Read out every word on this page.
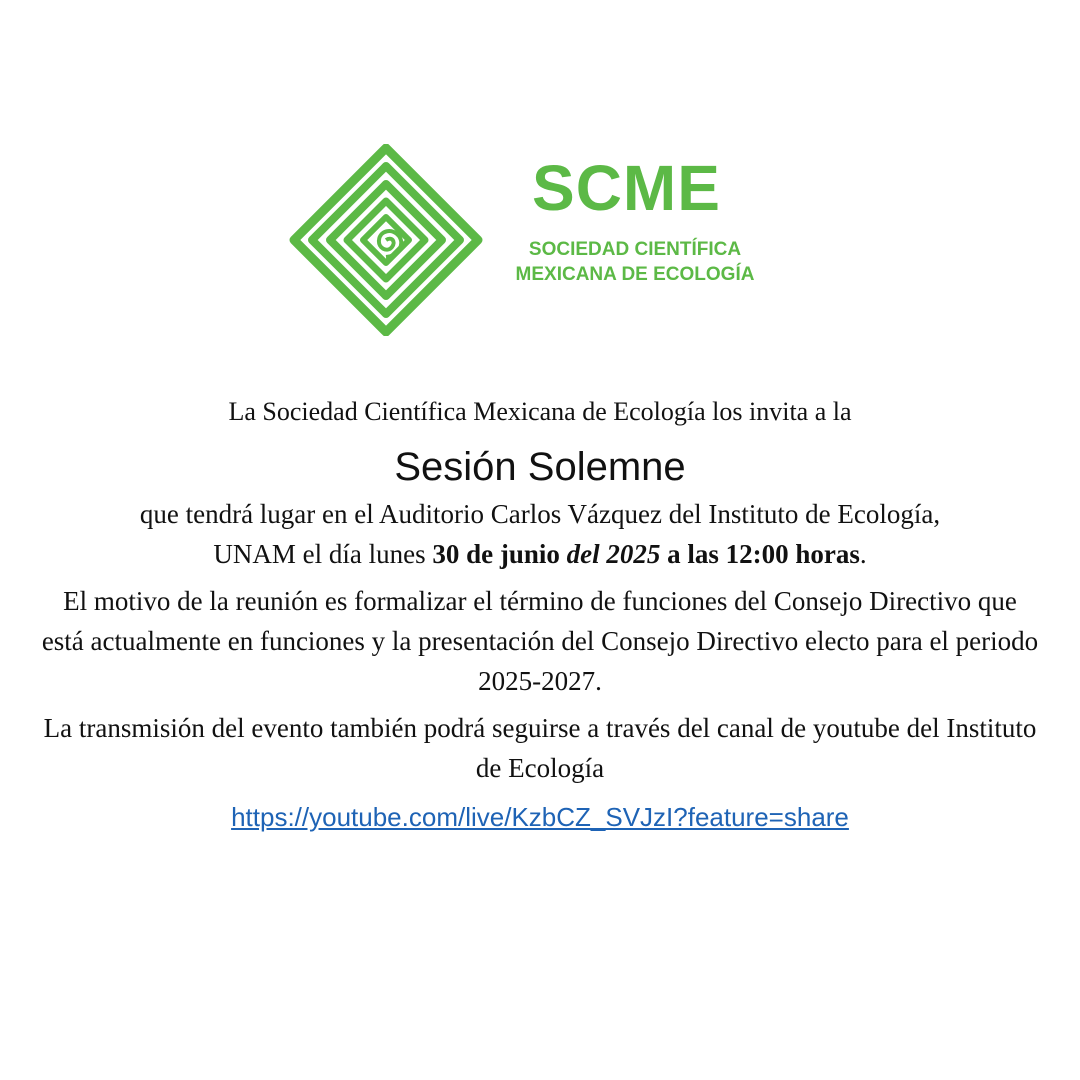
SCME
SOCIEDAD CIENTÍFICA
MEXICANA DE ECOLOGÍA

La Sociedad Científica Mexicana de Ecología los invita a la

Sesión Solemne

que tendrá lugar en el Auditorio Carlos Vázquez del Instituto de Ecología,
UNAM el día lunes 30 de junio del 2025 a las 12:00 horas.

El motivo de la reunión es formalizar el término de funciones del Consejo Directivo que está actualmente en funciones y la presentación del Consejo Directivo electo para el periodo 2025-2027.

La transmisión del evento también podrá seguirse a través del canal de youtube del Instituto de Ecología

https://youtube.com/live/KzbCZ_SVJzI?feature=share
